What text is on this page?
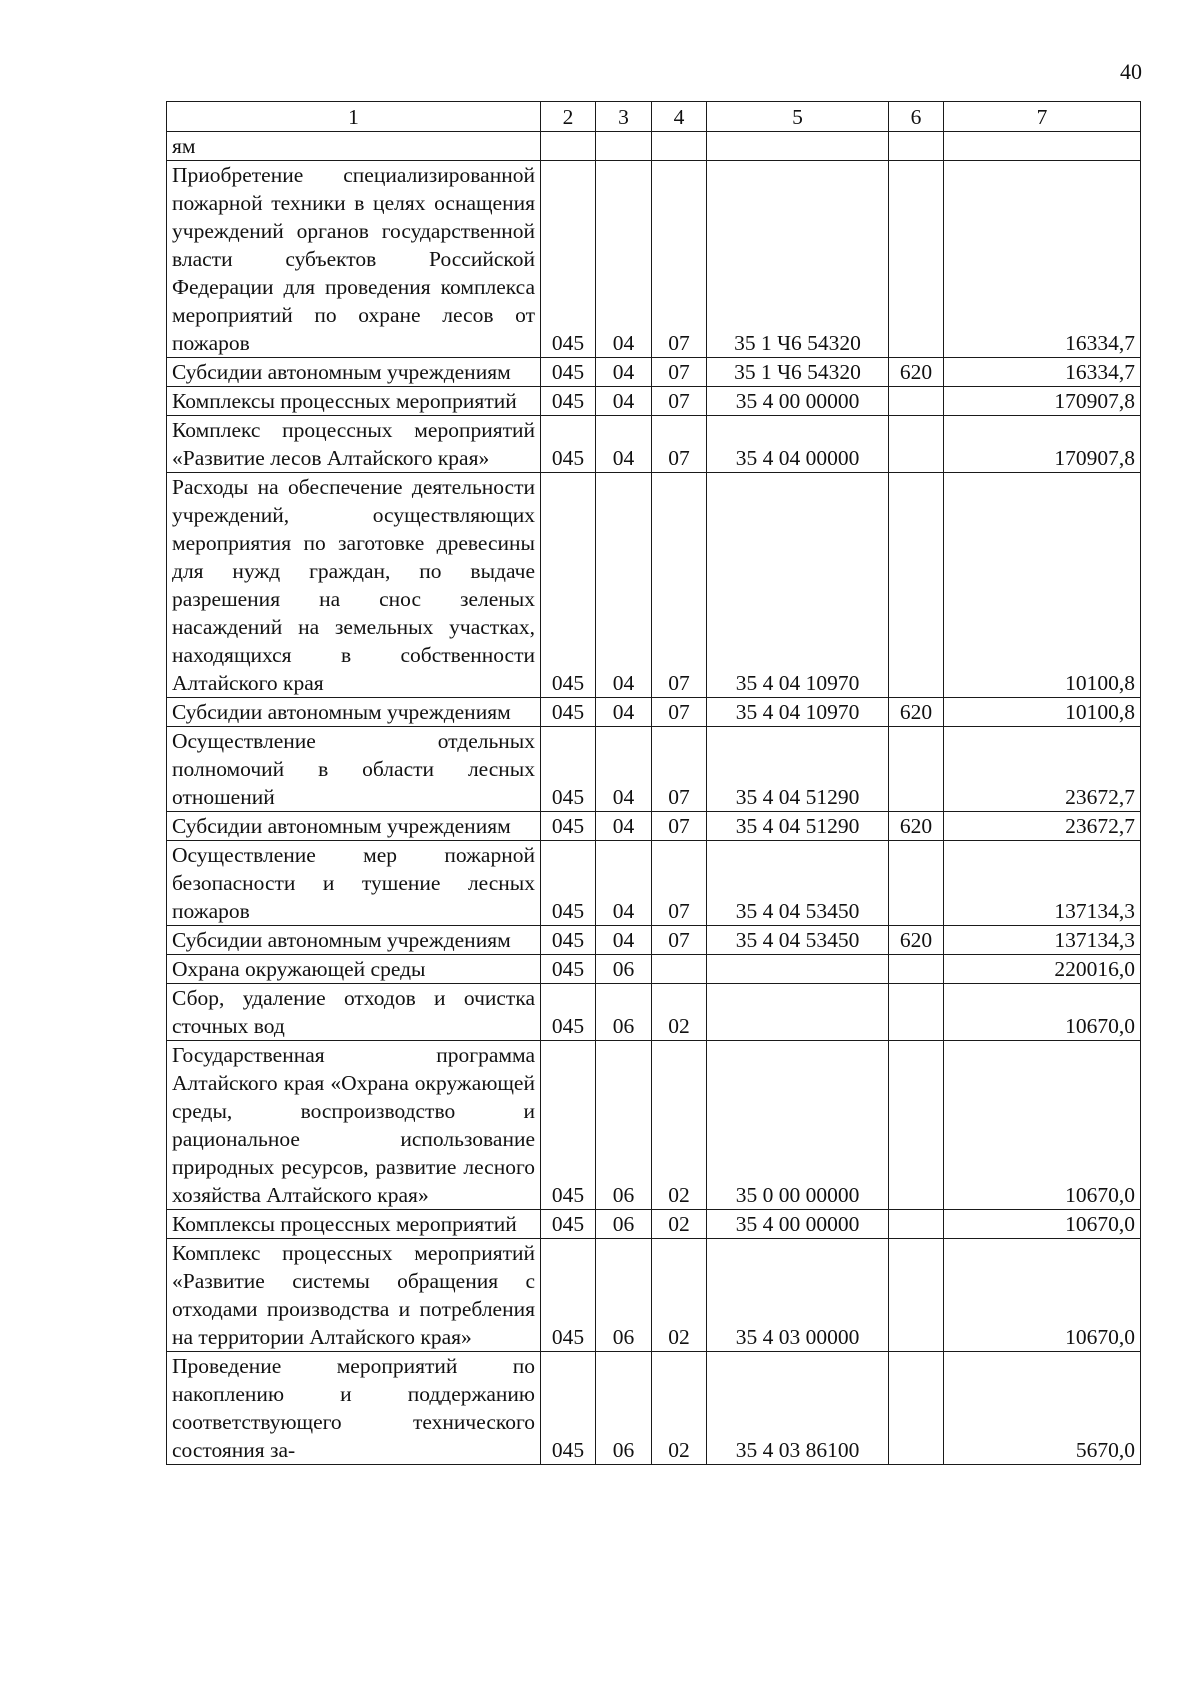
40
1	2	3	4	5	6	7
ям						
Приобретение специализированной пожарной техники в целях оснащения учреждений органов государственной власти субъектов Российской Федерации для проведения комплекса мероприятий по охране лесов от пожаров	045	04	07	35 1 Ч6 54320		16334,7
Субсидии автономным учреждениям	045	04	07	35 1 Ч6 54320	620	16334,7
Комплексы процессных мероприятий	045	04	07	35 4 00 00000		170907,8
Комплекс процессных мероприятий «Развитие лесов Алтайского края»	045	04	07	35 4 04 00000		170907,8
Расходы на обеспечение деятельности учреждений, осуществляющих мероприятия по заготовке древесины для нужд граждан, по выдаче разрешения на снос зеленых насаждений на земельных участках, находящихся в собственности Алтайского края	045	04	07	35 4 04 10970		10100,8
Субсидии автономным учреждениям	045	04	07	35 4 04 10970	620	10100,8
Осуществление отдельных полномочий в области лесных отношений	045	04	07	35 4 04 51290		23672,7
Субсидии автономным учреждениям	045	04	07	35 4 04 51290	620	23672,7
Осуществление мер пожарной безопасности и тушение лесных пожаров	045	04	07	35 4 04 53450		137134,3
Субсидии автономным учреждениям	045	04	07	35 4 04 53450	620	137134,3
Охрана окружающей среды	045	06				220016,0
Сбор, удаление отходов и очистка сточных вод	045	06	02			10670,0
Государственная программа Алтайского края «Охрана окружающей среды, воспроизводство и рациональное использование природных ресурсов, развитие лесного хозяйства Алтайского края»	045	06	02	35 0 00 00000		10670,0
Комплексы процессных мероприятий	045	06	02	35 4 00 00000		10670,0
Комплекс процессных мероприятий «Развитие системы обращения с отходами производства и потребления на территории Алтайского края»	045	06	02	35 4 03 00000		10670,0
Проведение мероприятий по накоплению и поддержанию соответствующего технического состояния за-	045	06	02	35 4 03 86100		5670,0
